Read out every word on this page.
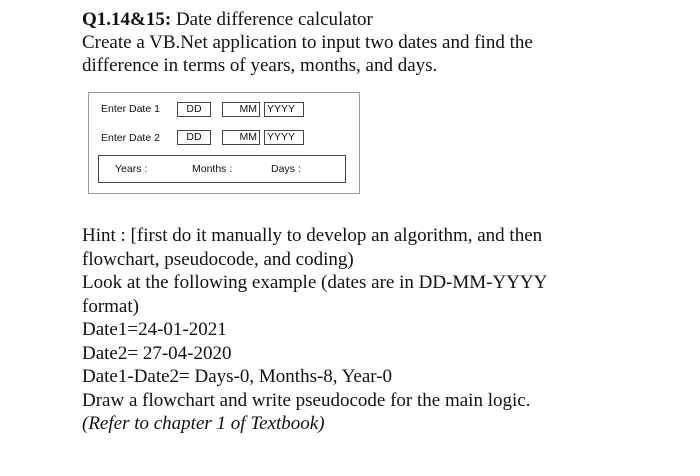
Q1.14&15: Date difference calculator

Create a VB.Net application to input two dates and find the

difference in terms of years, months, and days.

Enter Date 1	DD	MM YYYY
Enter Date 2	DD	MM YYYY
Years :	Months :	Days :

Hint : [first do it manually to develop an algorithm, and then

flowchart, pseudocode, and coding)

Look at the following example (dates are in DD-MM-YYYY

format)

Date1=24-01-2021

Date2= 27-04-2020

Date1-Date2= Days-0, Months-8, Year-0

Draw a flowchart and write pseudocode for the main logic.

(Refer to chapter 1 of Textbook)
